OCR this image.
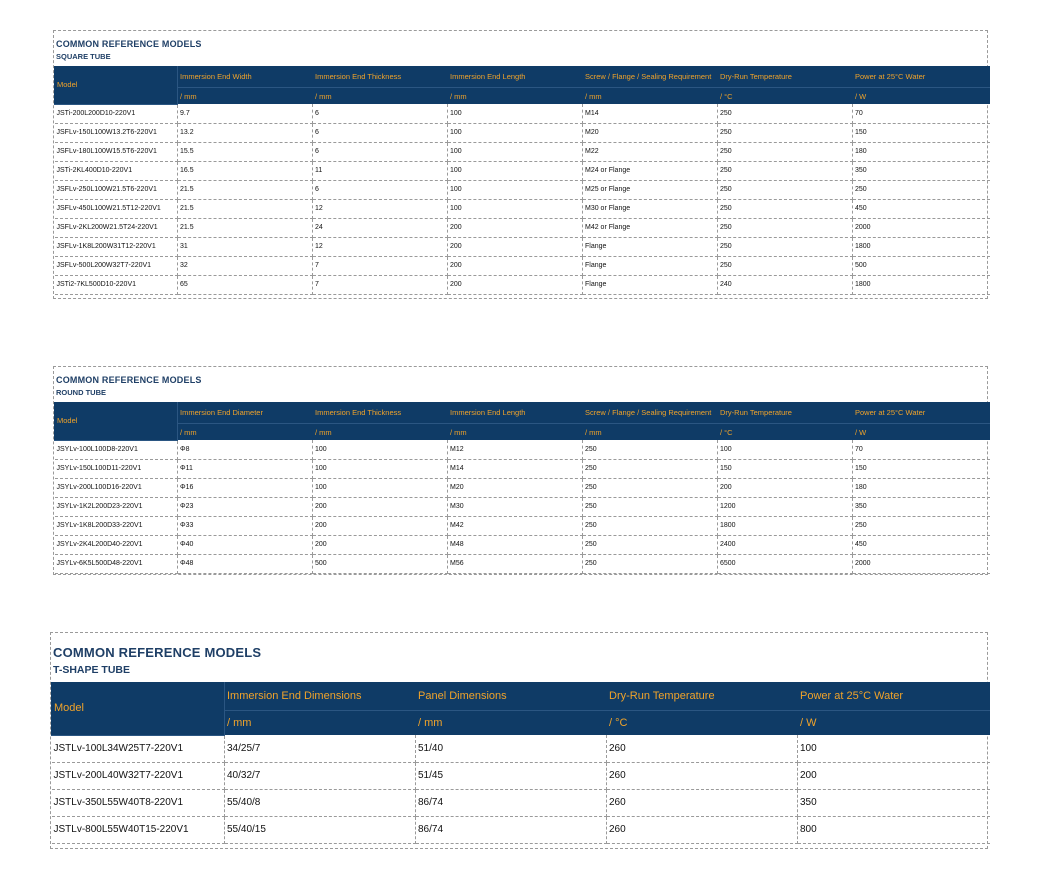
COMMON REFERENCE MODELS
SQUARE TUBE
Model	Immersion End Width	Immersion End Thickness	Immersion End Length	Screw / Flange / Sealing Requirement	Dry-Run Temperature	Power at 25°C Water
	/ mm	/ mm	/ mm	/ mm	/ °C	/ W
JSTi-200L200D10-220V1	9.7	6	100	M14	250	70
JSFLv-150L100W13.2T6-220V1	13.2	6	100	M20	250	150
JSFLv-180L100W15.5T6-220V1	15.5	6	100	M22	250	180
JSTi-2KL400D10-220V1	16.5	11	100	M24 or Flange	250	350
JSFLv-250L100W21.5T6-220V1	21.5	6	100	M25 or Flange	250	250
JSFLv-450L100W21.5T12-220V1	21.5	12	100	M30 or Flange	250	450
JSFLv-2KL200W21.5T24-220V1	21.5	24	200	M42 or Flange	250	2000
JSFLv-1K8L200W31T12-220V1	31	12	200	Flange	250	1800
JSFLv-500L200W32T7-220V1	32	7	200	Flange	250	500
JSTi2-7KL500D10-220V1	65	7	200	Flange	240	1800
COMMON REFERENCE MODELS
ROUND TUBE
Model	Immersion End Diameter	Immersion End Thickness	Immersion End Length	Screw / Flange / Sealing Requirement	Dry-Run Temperature	Power at 25°C Water
	/ mm	/ mm	/ mm	/ mm	/ °C	/ W
JSYLv-100L100D8-220V1	Φ8	100	M12	250	100	70
JSYLv-150L100D11-220V1	Φ11	100	M14	250	150	150
JSYLv-200L100D16-220V1	Φ16	100	M20	250	200	180
JSYLv-1K2L200D23-220V1	Φ23	200	M30	250	1200	350
JSYLv-1K8L200D33-220V1	Φ33	200	M42	250	1800	250
JSYLv-2K4L200D40-220V1	Φ40	200	M48	250	2400	450
JSYLv-6K5L500D48-220V1	Φ48	500	M56	250	6500	2000
COMMON REFERENCE MODELS
T-SHAPE TUBE
Model	Immersion End Dimensions	Panel Dimensions	Dry-Run Temperature	Power at 25°C Water
	/ mm	/ mm	/ °C	/ W
JSTLv-100L34W25T7-220V1	34/25/7	51/40	260	100
JSTLv-200L40W32T7-220V1	40/32/7	51/45	260	200
JSTLv-350L55W40T8-220V1	55/40/8	86/74	260	350
JSTLv-800L55W40T15-220V1	55/40/15	86/74	260	800
